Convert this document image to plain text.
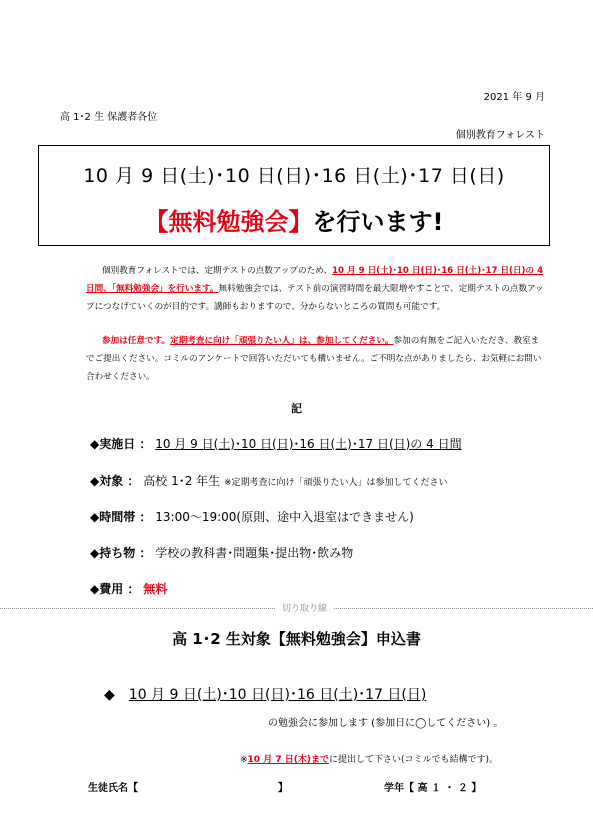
2021 年 9 月
高 1･2 生 保護者各位
個別教育フォレスト
10 月 9 日(土)･10 日(日)･16 日(土)･17 日(日)
【無料勉強会】を行います!
個別教育フォレストでは、定期テストの点数アップのため、10 月 9 日(土)･10 日(日)･16 日(土)･17 日(日)の 4 日間、「無料勉強会」を行います。無料勉強会では、テスト前の演習時間を最大限増やすことで、定期テストの点数アップにつなげていくのが目的です。講師もおりますので、分からないところの質問も可能です。
参加は任意です。定期考査に向け「頑張りたい人」は、参加してください。参加の有無をご記入いただき、教室までご提出ください。コミルのアンケートで回答いただいても構いません。ご不明な点がありましたら、お気軽にお問い合わせください。
記
◆実施日 ： 10 月 9 日(土)･10 日(日)･16 日(土)･17 日(日)の 4 日間
◆対象 ： 高校 1･2 年生 ※定期考査に向け「頑張りたい人」は参加してください
◆時間帯 ： 13:00～19:00(原則、途中入退室はできません)
◆持ち物 ： 学校の教科書･問題集･提出物･飲み物
◆費用 ： 無料
切り取り線
高 1･2 生対象【無料勉強会】申込書
◆ 10 月 9 日(土)･10 日(日)･16 日(土)･17 日(日)
の勉強会に参加します (参加日に◯してください) 。
※10 月 7 日(木)までに提出して下さい(コミルでも結構です)。
生徒氏名【　　　　　　　　　　　　　　】	学年【 高 １ ・ ２ 】
